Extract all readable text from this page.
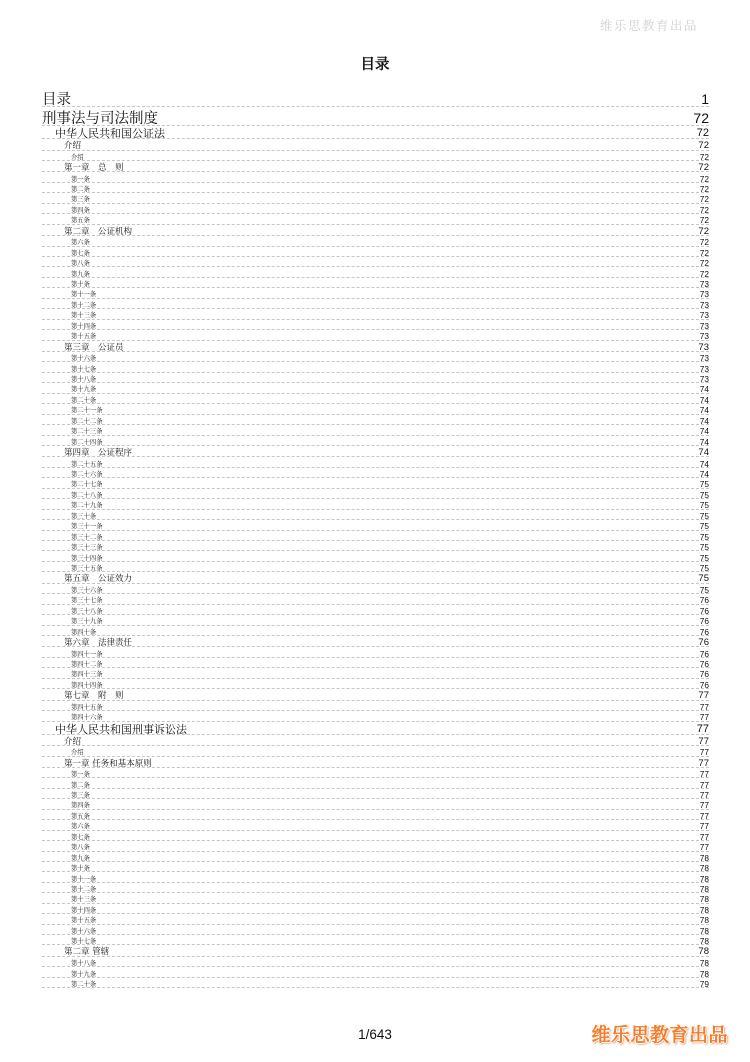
维乐思教育出品
目录
目录	1
刑事法与司法制度	72
中华人民共和国公证法	72
介绍	72
介绍	72
第一章　总　则	72
第一条	72
第二条	72
第三条	72
第四条	72
第五条	72
第二章　公证机构	72
第六条	72
第七条	72
第八条	72
第九条	72
第十条	73
第十一条	73
第十二条	73
第十三条	73
第十四条	73
第十五条	73
第三章　公证员	73
第十六条	73
第十七条	73
第十八条	73
第十九条	74
第二十条	74
第二十一条	74
第二十二条	74
第二十三条	74
第二十四条	74
第四章　公证程序	74
第二十五条	74
第二十六条	74
第二十七条	75
第二十八条	75
第二十九条	75
第三十条	75
第三十一条	75
第三十二条	75
第三十三条	75
第三十四条	75
第三十五条	75
第五章　公证效力	75
第三十六条	75
第三十七条	76
第三十八条	76
第三十九条	76
第四十条	76
第六章　法律责任	76
第四十一条	76
第四十二条	76
第四十三条	76
第四十四条	76
第七章　附　则	77
第四十五条	77
第四十六条	77
中华人民共和国刑事诉讼法	77
介绍	77
介绍	77
第一章 任务和基本原则	77
第一条	77
第二条	77
第三条	77
第四条	77
第五条	77
第六条	77
第七条	77
第八条	77
第九条	78
第十条	78
第十一条	78
第十二条	78
第十三条	78
第十四条	78
第十五条	78
第十六条	78
第十七条	78
第二章 管辖	78
第十八条	78
第十九条	78
第二十条	79
1/643	维乐思教育出品
